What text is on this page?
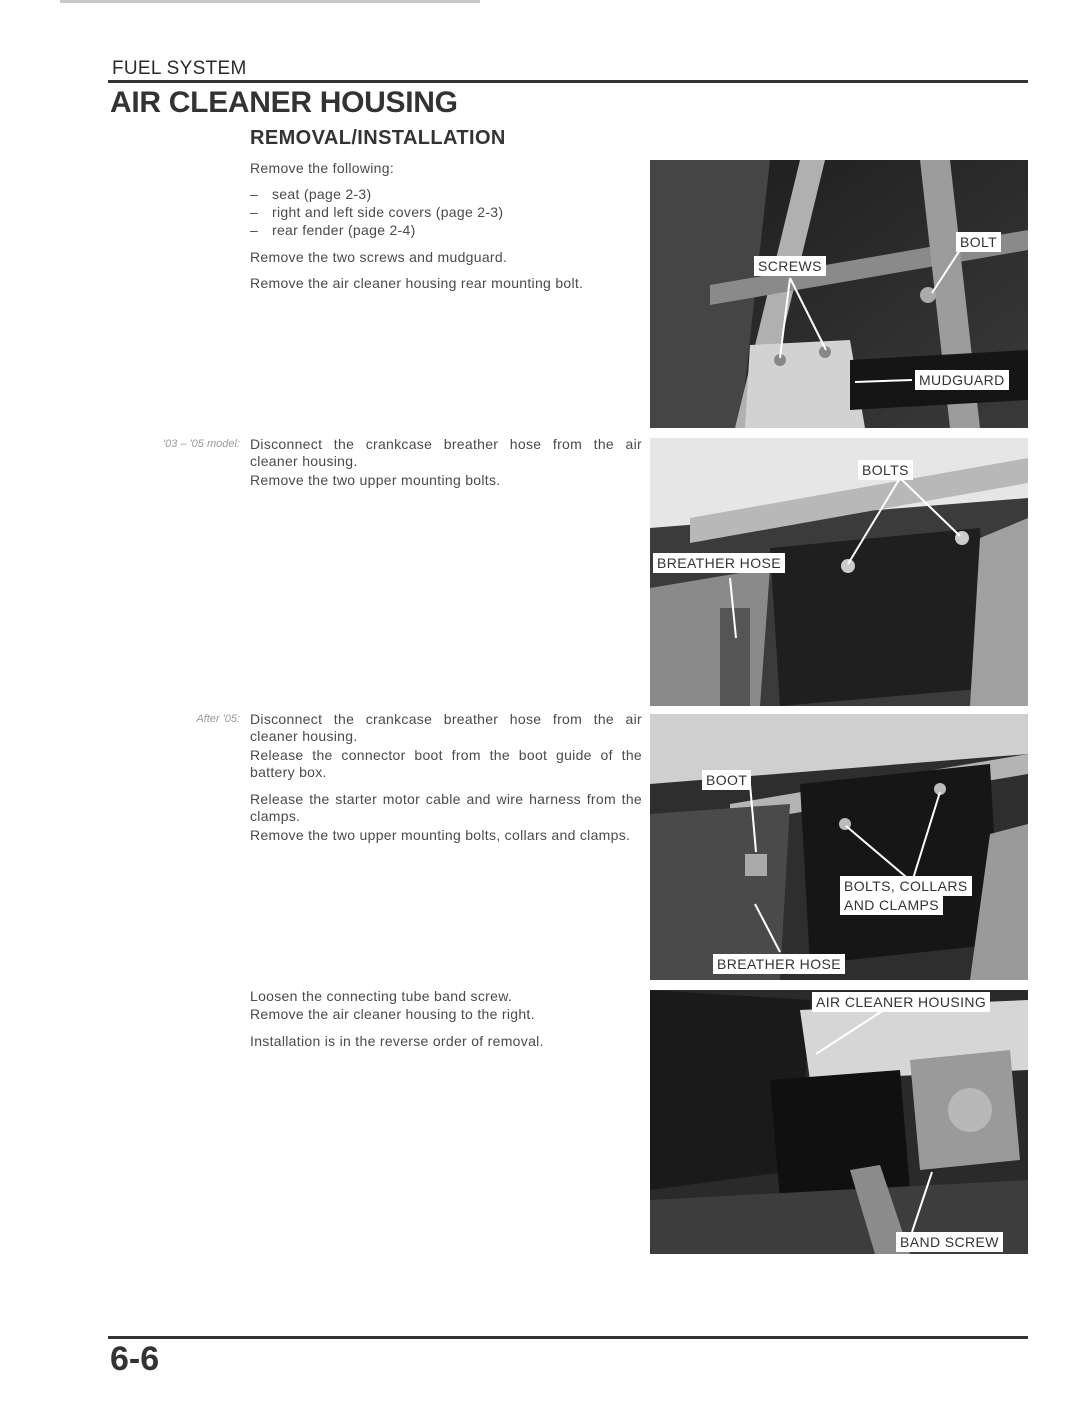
FUEL SYSTEM
AIR CLEANER HOUSING
REMOVAL/INSTALLATION
Remove the following:
– seat (page 2-3)
– right and left side covers (page 2-3)
– rear fender (page 2-4)
Remove the two screws and mudguard.
Remove the air cleaner housing rear mounting bolt.
'03 – '05 model: Disconnect the crankcase breather hose from the air cleaner housing.
Remove the two upper mounting bolts.
After '05: Disconnect the crankcase breather hose from the air cleaner housing.
Release the connector boot from the boot guide of the battery box.
Release the starter motor cable and wire harness from the clamps.
Remove the two upper mounting bolts, collars and clamps.
Loosen the connecting tube band screw.
Remove the air cleaner housing to the right.
Installation is in the reverse order of removal.
SCREWS
BOLT
MUDGUARD
BOLTS
BREATHER HOSE
BOOT
BOLTS, COLLARS
AND CLAMPS
BREATHER HOSE
AIR CLEANER HOUSING
BAND SCREW
6-6
